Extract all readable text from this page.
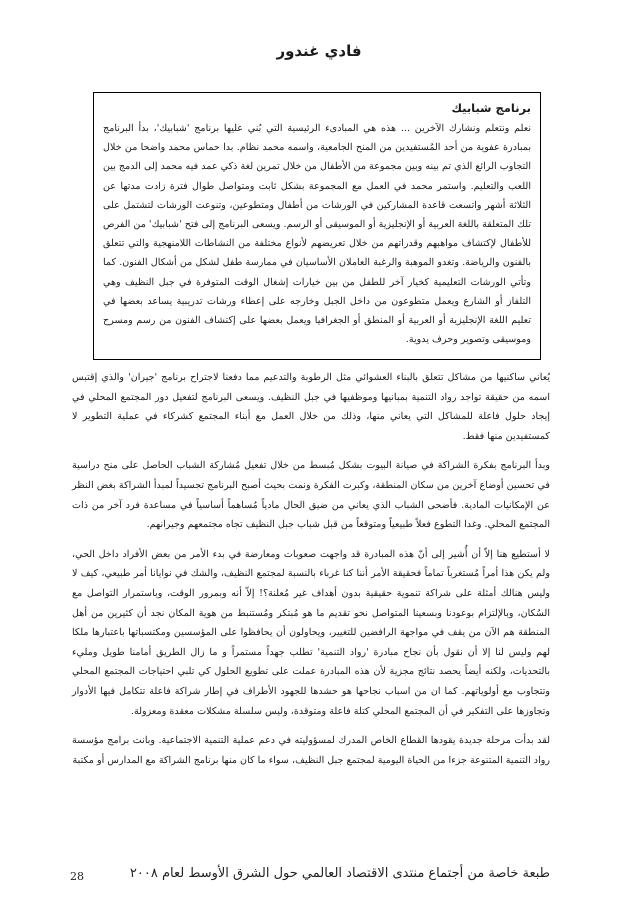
فادي غندور
برنامج شبابيك

نعلم ونتعلم ونشارك الآخرين ... هذه هي المبادىء الرئيسية التي بُني عليها برنامج 'شبابيك'، بدأ البرنامج بمبادرة عفوية من أحد المُستفيدين من المنح الجامعية، واسمه محمد نظام. بدا حماس محمد واضحا من خلال التجاوب الرائع الذي تم بينه وبين مجموعة من الأطفال من خلال تمرين لغة ذكي عمد فيه محمد إلى الدمج بين اللعب والتعليم. واستمر محمد في العمل مع المجموعة بشكل ثابت ومتواصل طوال فترة زادت مدتها عن الثلاثة أشهر واتسعت قاعدة المشاركين في الورشات من أطفال ومتطوعين، وتنوعت الورشات لتشتمل على تلك المتعلقة باللغة العربية أو الإنجليزية أو الموسيقى أو الرسم. ويسعى البرنامج إلى فتح 'شبابيك' من الفرص للأطفال لإكتشاف مواهبهم وقدراتهم من خلال تعريضهم لأنواع مختلفة من النشاطات اللامنهجية والتي تتعلق بالفنون والرياضة. وتغدو الموهبة والرغبة العاملان الأساسيان في ممارسة طفل لشكل من أشكال الفنون. كما وتأتي الورشات التعليمية كخيار آخر للطفل من بين خيارات إشغال الوقت المتوفرة في جبل النظيف وهي التلفاز أو الشارع ويعمل متطوعون من داخل الجبل وخارجه على إعطاء ورشات تدريبية يساعد بعضها في تعليم اللغة الإنجليزية أو العربية أو المنطق أو الجغرافيا ويعمل بعضها على إكتشاف الفنون من رسم ومسرح وموسيقى وتصوير وحرف يدوية.

يُعاني ساكنيها من مشاكل تتعلق بالبناء العشوائي مثل الرطوبة والتدعيم مما دفعنا لاجتراح برنامج 'جيران' والذي إقتبس اسمه من حقيقة تواجد رواد التنمية بمبانيها وموظفيها في جبل النظيف. ويسعى البرنامج لتفعيل دور المجتمع المحلي في إيجاد حلول فاعلة للمشاكل التي يعاني منها، وذلك من خلال العمل مع أبناء المجتمع كشركاء في عملية التطوير لا كمستفيدين منها فقط.

وبدأ البرنامج بفكرة الشراكة في صيانة البيوت بشكل مُبسط من خلال تفعيل مُشاركة الشباب الحاصل على منح دراسية في تحسين أوضاع آخرين من سكان المنطقة، وكبرت الفكرة ونمت بحيث أصبح البرنامج تجسيداً لمبدأ الشراكة بغض النظر عن الإمكانيات المادية. فأضحى الشباب الذي يعاني من ضيق الحال مادياً مُساهماً أساسياً في مساعدة فرد آخر من ذات المجتمع المحلي. وغدا التطوع فعلاً طبيعياً ومتوقعاً من قبل شباب جبل النظيف تجاه مجتمعهم وجيرانهم.

لا أستطيع هنا إلاّ أن أُشير إلى أنّ هذه المبادرة قد واجهت صعوبات ومعارضة في بدء الأمر من بعض الأفراد داخل الحي، ولم يكن هذا أمراً مُستغرباً تماماً فحقيقة الأمر أننا كنا غرباء بالنسبة لمجتمع النظيف، والشك في نوايانا أمر طبيعي، كيف لا وليس هنالك أمثلة على شراكة تنموية حقيقية بدون أهداف غير مُعلنة؟! إلاّ أنه وبمرور الوقت، وباستمرار التواصل مع السُكان، وبالإلتزام بوعودنا وبسعينا المتواصل نحو تقديم ما هو مُبتكر ومُستنبط من هوية المكان نجد أن كثيرين من أهل المنطقة هم الآن من يقف في مواجهة الرافضين للتغيير، ويحاولون أن يحافظوا على المؤسسين ومكتسباتها باعتبارها ملكا لهم وليس لنا إلا أن نقول بأن نجاح مبادرة 'رواد التنمية' تطلب جهداً مستمراً و ما زال الطريق أمامنا طويل ومليء بالتحديات، ولكنه أيضاً يحصد نتائج مجزية لأن هذه المبادرة عملت على تطويع الحلول كي تلبي احتياجات المجتمع المحلي وتتجاوب مع أولوياتهم. كما ان من اسباب نجاحها هو حشدها للجهود الأطراف في إطار شراكة فاعلة تتكامل فيها الأدوار وتجاوزها على التفكير في أن المجتمع المحلي كتلة فاعلة ومتوقدة، وليس سلسلة مشكلات معقدة ومعزولة.

لقد بدأت مرحلة جديدة يقودها القطاع الخاص المدرك لمسؤوليته في دعم عملية التنمية الاجتماعية. وبانت برامج مؤسسة رواد التنمية المتنوعة جزءا من الحياة اليومية لمجتمع جبل النظيف، سواء ما كان منها برنامج الشراكة مع المدارس أو مكتبة

طبعة خاصة من أجتماع منتدى الاقتصاد العالمي حول الشرق الأوسط لعام ٢٠٠٨
28
